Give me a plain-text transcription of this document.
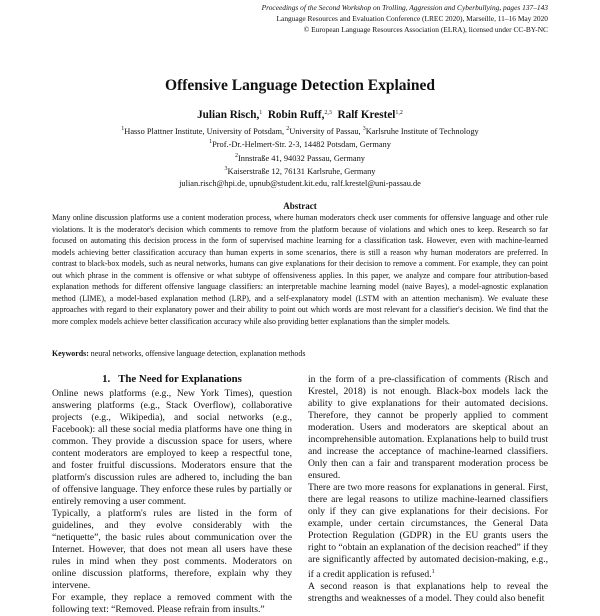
Proceedings of the Second Workshop on Trolling, Aggression and Cyberbullying, pages 137–143
Language Resources and Evaluation Conference (LREC 2020), Marseille, 11–16 May 2020
© European Language Resources Association (ELRA), licensed under CC-BY-NC
Offensive Language Detection Explained
Julian Risch,$^1$ Robin Ruff,$^{2,3}$ Ralf Krestel$^{1,2}$
$^1$Hasso Plattner Institute, University of Potsdam, $^2$University of Passau, $^3$Karlsruhe Institute of Technology
$^1$Prof.-Dr.-Helmert-Str. 2-3, 14482 Potsdam, Germany
$^2$Innstraße 41, 94032 Passau, Germany
$^3$Kaiserstraße 12, 76131 Karlsruhe, Germany
julian.risch@hpi.de, upnub@student.kit.edu, ralf.krestel@uni-passau.de
Abstract

Many online discussion platforms use a content moderation process, where human moderators check user comments for offensive language and other rule violations. It is the moderator's decision which comments to remove from the platform because of violations and which ones to keep. Research so far focused on automating this decision process in the form of supervised machine learning for a classification task. However, even with machine-learned models achieving better classification accuracy than human experts in some scenarios, there is still a reason why human moderators are preferred. In contrast to black-box models, such as neural networks, humans can give explanations for their decision to remove a comment. For example, they can point out which phrase in the comment is offensive or what subtype of offensiveness applies. In this paper, we analyze and compare four attribution-based explanation methods for different offensive language classifiers: an interpretable machine learning model (naive Bayes), a model-agnostic explanation method (LIME), a model-based explanation method (LRP), and a self-explanatory model (LSTM with an attention mechanism). We evaluate these approaches with regard to their explanatory power and their ability to point out which words are most relevant for a classifier's decision. We find that the more complex models achieve better classification accuracy while also providing better explanations than the simpler models.

Keywords: neural networks, offensive language detection, explanation methods
1. The Need for Explanations

Online news platforms (e.g., New York Times), question answering platforms (e.g., Stack Overflow), collaborative projects (e.g., Wikipedia), and social networks (e.g., Facebook): all these social media platforms have one thing in common. They provide a discussion space for users, where content moderators are employed to keep a respectful tone, and foster fruitful discussions. Moderators ensure that the platform's discussion rules are adhered to, including the ban of offensive language. They enforce these rules by partially or entirely removing a user comment.

Typically, a platform's rules are listed in the form of guidelines, and they evolve considerably with the “netiquette”, the basic rules about communication over the Internet. However, that does not mean all users have these rules in mind when they post comments. Moderators on online discussion platforms, therefore, explain why they intervene.

For example, they replace a removed comment with the following text: “Removed. Please refrain from insults.”

in the form of a pre-classification of comments (Risch and Krestel, 2018) is not enough. Black-box models lack the ability to give explanations for their automated decisions. Therefore, they cannot be properly applied to comment moderation. Users and moderators are skeptical about an incomprehensible automation. Explanations help to build trust and increase the acceptance of machine-learned classifiers. Only then can a fair and transparent moderation process be ensured.

There are two more reasons for explanations in general. First, there are legal reasons to utilize machine-learned classifiers only if they can give explanations for their decisions. For example, under certain circumstances, the General Data Protection Regulation (GDPR) in the EU grants users the right to “obtain an explanation of the decision reached” if they are significantly affected by automated decision-making, e.g., if a credit application is refused.$^1$

A second reason is that explanations help to reveal the strengths and weaknesses of a model. They could also benefit
